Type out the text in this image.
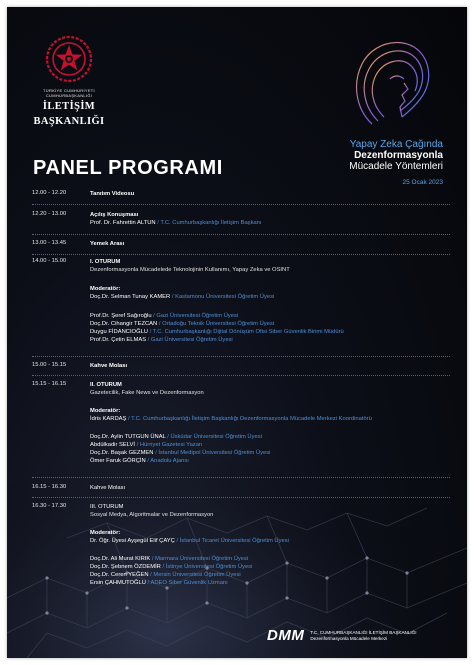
TÜRKİYE CUMHURİYETİ CUMHURBAŞKANLIĞI
İLETİŞİM
BAŞKANLIĞI
Yapay Zeka Çağında
Dezenformasyonla
Mücadele Yöntemleri
25 Ocak 2023
PANEL PROGRAMI
12.00 - 12.20	Tanıtım Videosu
12.20 - 13.00	Açılış Konuşması
Prof. Dr. Fahrettin ALTUN / T.C. Cumhurbaşkanlığı İletişim Başkanı
13.00 - 13.45	Yemek Arası
14.00 - 15.00	I. OTURUM
Dezenformasyonla Mücadelede Teknolojinin Kullanımı, Yapay Zeka ve OSINT
Moderatör:
Doç.Dr. Selman Tunay KAMER / Kastamonu Üniversitesi Öğretim Üyesi
Prof.Dr. Şeref Sağıroğlu / Gazi Üniversitesi Öğretim Üyesi
Doç.Dr. Cihangir TEZCAN / Ortadoğu Teknik Üniversitesi Öğretim Üyesi
Duygu FİDANCIOĞLU / T.C. Cumhurbaşkanlığı Dijital Dönüşüm Ofisi Siber Güvenlik Birimi Müdürü
Prof.Dr. Çetin ELMAS / Gazi Üniversitesi Öğretim Üyesi
15.00 - 15.15	Kahve Molası
15.15 - 16.15	II. OTURUM
Gazetecilik, Fake News ve Dezenformasyon
Moderatör:
İdris KARDAŞ / T.C. Cumhurbaşkanlığı İletişim Başkanlığı Dezenformasyonla Mücadele Merkezi Koordinatörü
Doç.Dr. Aylin TUTGUN ÜNAL / Üsküdar Üniversitesi Öğretim Üyesi
Abdülkadir SELVİ / Hürriyet Gazetesi Yazarı
Doç.Dr. Başak GEZMEN / İstanbul Medipol Üniversitesi Öğretim Üyesi
Ömer Faruk GÖRÇİN / Anadolu Ajansı
16.15 - 16.30	Kahve Molası
16.30 - 17.30	III. OTURUM
Sosyal Medya, Algoritmalar ve Dezenformasyon
Moderatör:
Dr. Öğr. Üyesi Ayşegül Elif ÇAYÇ / İstanbul Ticaret Üniversitesi Öğretim Üyesi
Doç.Dr. Ali Murat KIRIK / Marmara Üniversitesi Öğretim Üyesi
Doç.Dr. Şebnem ÖZDEMİR / İstinye Üniversitesi Öğretim Üyesi
Doç.Dr. Ceren YEĞEN / Mersin Üniversitesi Öğretim Üyesi
Ersin ÇAHMUTOĞLU / ADEO Siber Güvenlik Uzmanı
DMM T.C. CUMHURBAŞKANLIĞI İLETİŞİM BAŞKANLIĞI
Dezenformasyonla Mücadele Merkezi
